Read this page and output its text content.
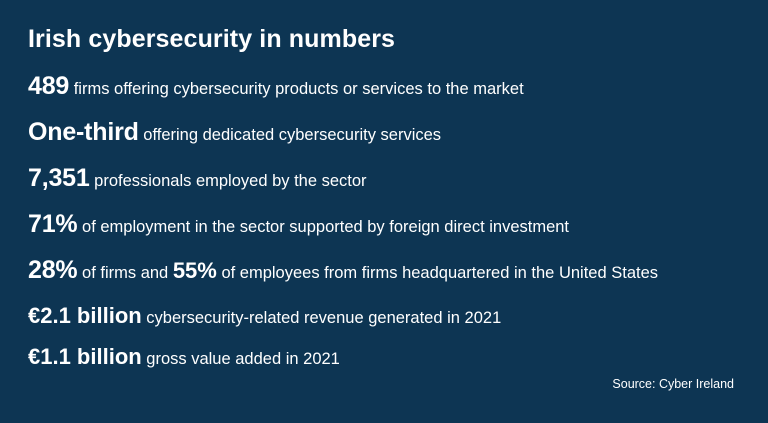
Irish cybersecurity in numbers

489 firms offering cybersecurity products or services to the market

One-third offering dedicated cybersecurity services

7,351 professionals employed by the sector

71% of employment in the sector supported by foreign direct investment

28% of firms and 55% of employees from firms headquartered in the United States

€2.1 billion cybersecurity-related revenue generated in 2021

€1.1 billion gross value added in 2021

Source: Cyber Ireland
